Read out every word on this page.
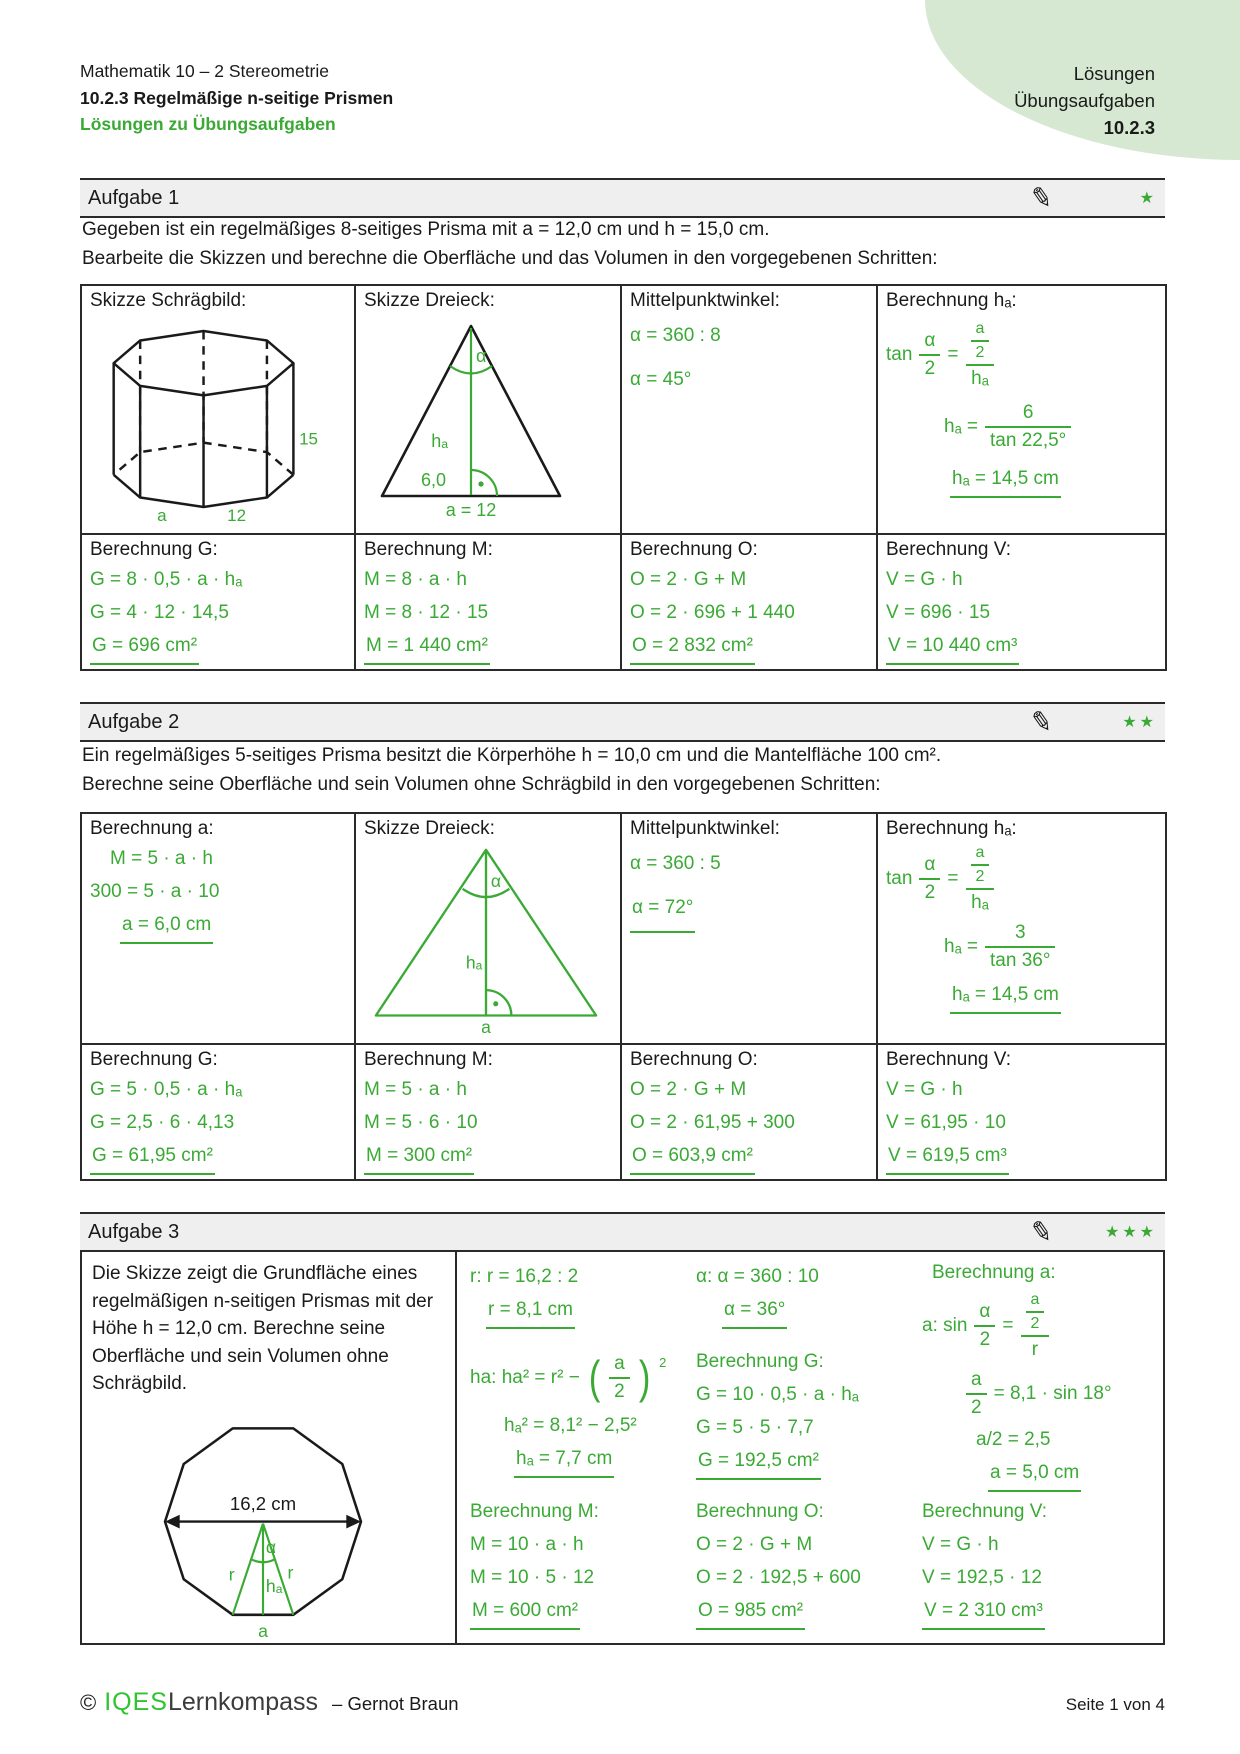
Lösungen
Übungsaufgaben
10.2.3
Mathematik 10 – 2 Stereometrie
10.2.3 Regelmäßige n-seitige Prismen
Lösungen zu Übungsaufgaben
Aufgabe 1	✎	★
Gegeben ist ein regelmäßiges 8-seitiges Prisma mit a = 12,0 cm und h = 15,0 cm.
Bearbeite die Skizzen und berechne die Oberfläche und das Volumen in den vorgegebenen Schritten:
Skizze Schrägbild:
15
a	12

Skizze Dreieck:
α
hₐ
6,0
a = 12

Mittelpunktwinkel:
α = 360 : 8
α = 45°

Berechnung hₐ:
$\tan \frac{\alpha}{2} = \frac{\frac{a}{2}}{\text{hₐ}}$
$h_a = \frac{6}{\tan 22,5^\circ}$
hₐ = 14,5 cm

Berechnung G:
G = 8 · 0,5 · a · hₐ
G = 4 · 12 · 14,5
G = 696 cm²

Berechnung M:
M = 8 · a · h
M = 8 · 12 · 15
M = 1 440 cm²

Berechnung O:
O = 2 · G + M
O = 2 · 696 + 1 440
O = 2 832 cm²

Berechnung V:
V = G · h
V = 696 · 15
V = 10 440 cm³
Aufgabe 2	✎	★★
Ein regelmäßiges 5-seitiges Prisma besitzt die Körperhöhe h = 10,0 cm und die Mantelfläche 100 cm².
Berechne seine Oberfläche und sein Volumen ohne Schrägbild in den vorgegebenen Schritten:
Berechnung a:
M = 5 · a · h
300 = 5 · a · 10
a = 6,0 cm

Skizze Dreieck:
α
hₐ
a

Mittelpunktwinkel:
α = 360 : 5
α = 72°

Berechnung hₐ:
$\tan \frac{\alpha}{2} = \frac{\frac{a}{2}}{\text{hₐ}}$
$h_a = \frac{3}{\tan 36^\circ}$
hₐ = 14,5 cm

Berechnung G:
G = 5 · 0,5 · a · hₐ
G = 2,5 · 6 · 4,13
G = 61,95 cm²

Berechnung M:
M = 5 · a · h
M = 5 · 6 · 10
M = 300 cm²

Berechnung O:
O = 2 · G + M
O = 2 · 61,95 + 300
O = 603,9 cm²

Berechnung V:
V = G · h
V = 61,95 · 10
V = 619,5 cm³
Aufgabe 3	✎	★★★
Die Skizze zeigt die Grundfläche eines regelmäßigen n-seitigen Prismas mit der Höhe h = 12,0 cm. Berechne seine Oberfläche und sein Volumen ohne Schrägbild.
16,2 cm
α
r	r
hₐ
a
r: r = 16,2 : 2
r = 8,1 cm
ha: ha² = r² − ( $\frac{a}{2}$ ) 2
hₐ² = 8,1² − 2,5²
hₐ = 7,7 cm
Berechnung M:
M = 10 · a · h
M = 10 · 5 · 12
M = 600 cm²
α: α = 360 : 10
α = 36°
Berechnung G:
G = 10 · 0,5 · a · hₐ
G = 5 · 5 · 7,7
G = 192,5 cm²
Berechnung O:
O = 2 · G + M
O = 2 · 192,5 + 600
O = 985 cm²
Berechnung a:
a: $\sin \frac{\alpha}{2} = \frac{\frac{a}{2}}{r}$
$\frac{a}{2} = 8,1 \cdot \sin 18^\circ$
a/2 = 2,5
a = 5,0 cm
Berechnung V:
V = G · h
V = 192,5 · 12
V = 2 310 cm³
© IQES Lernkompass – Gernot Braun	Seite 1 von 4
